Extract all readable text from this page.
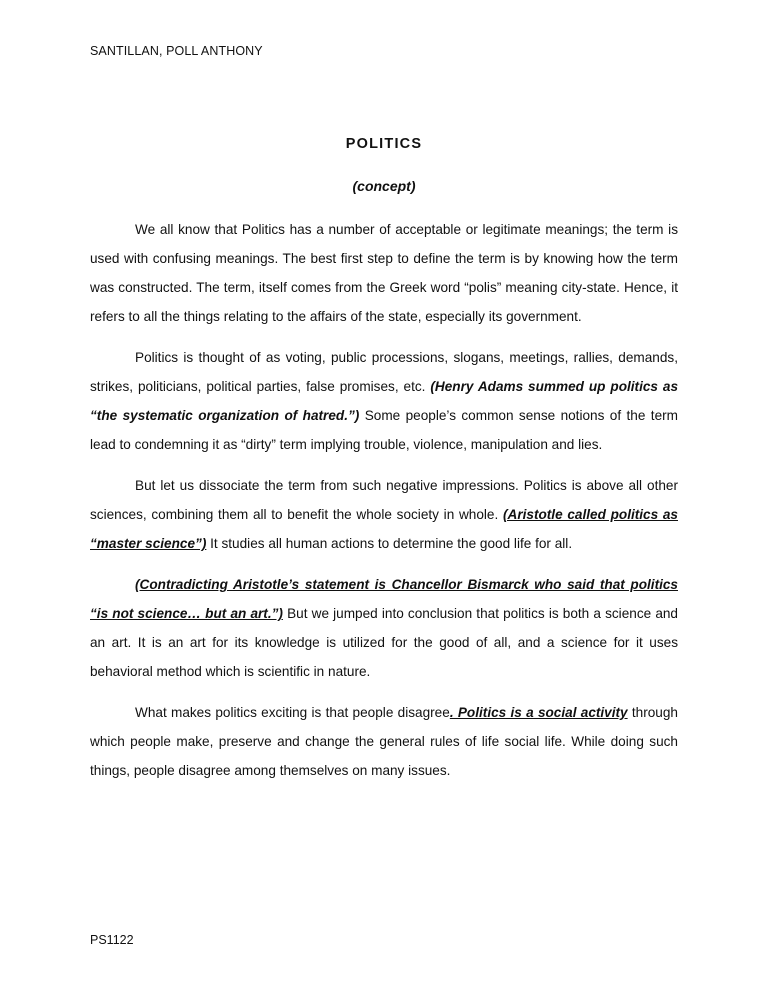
SANTILLAN, POLL ANTHONY
POLITICS
(concept)

We all know that Politics has a number of acceptable or legitimate meanings; the term is used with confusing meanings. The best first step to define the term is by knowing how the term was constructed. The term, itself comes from the Greek word “polis” meaning city-state. Hence, it refers to all the things relating to the affairs of the state, especially its government.

Politics is thought of as voting, public processions, slogans, meetings, rallies, demands, strikes, politicians, political parties, false promises, etc. (Henry Adams summed up politics as “the systematic organization of hatred.”) Some people’s common sense notions of the term lead to condemning it as “dirty” term implying trouble, violence, manipulation and lies.

But let us dissociate the term from such negative impressions. Politics is above all other sciences, combining them all to benefit the whole society in whole. (Aristotle called politics as “master science”) It studies all human actions to determine the good life for all.

(Contradicting Aristotle’s statement is Chancellor Bismarck who said that politics “is not science… but an art.”) But we jumped into conclusion that politics is both a science and an art. It is an art for its knowledge is utilized for the good of all, and a science for it uses behavioral method which is scientific in nature.

What makes politics exciting is that people disagree. Politics is a social activity through which people make, preserve and change the general rules of life social life. While doing such things, people disagree among themselves on many issues.

PS1122
